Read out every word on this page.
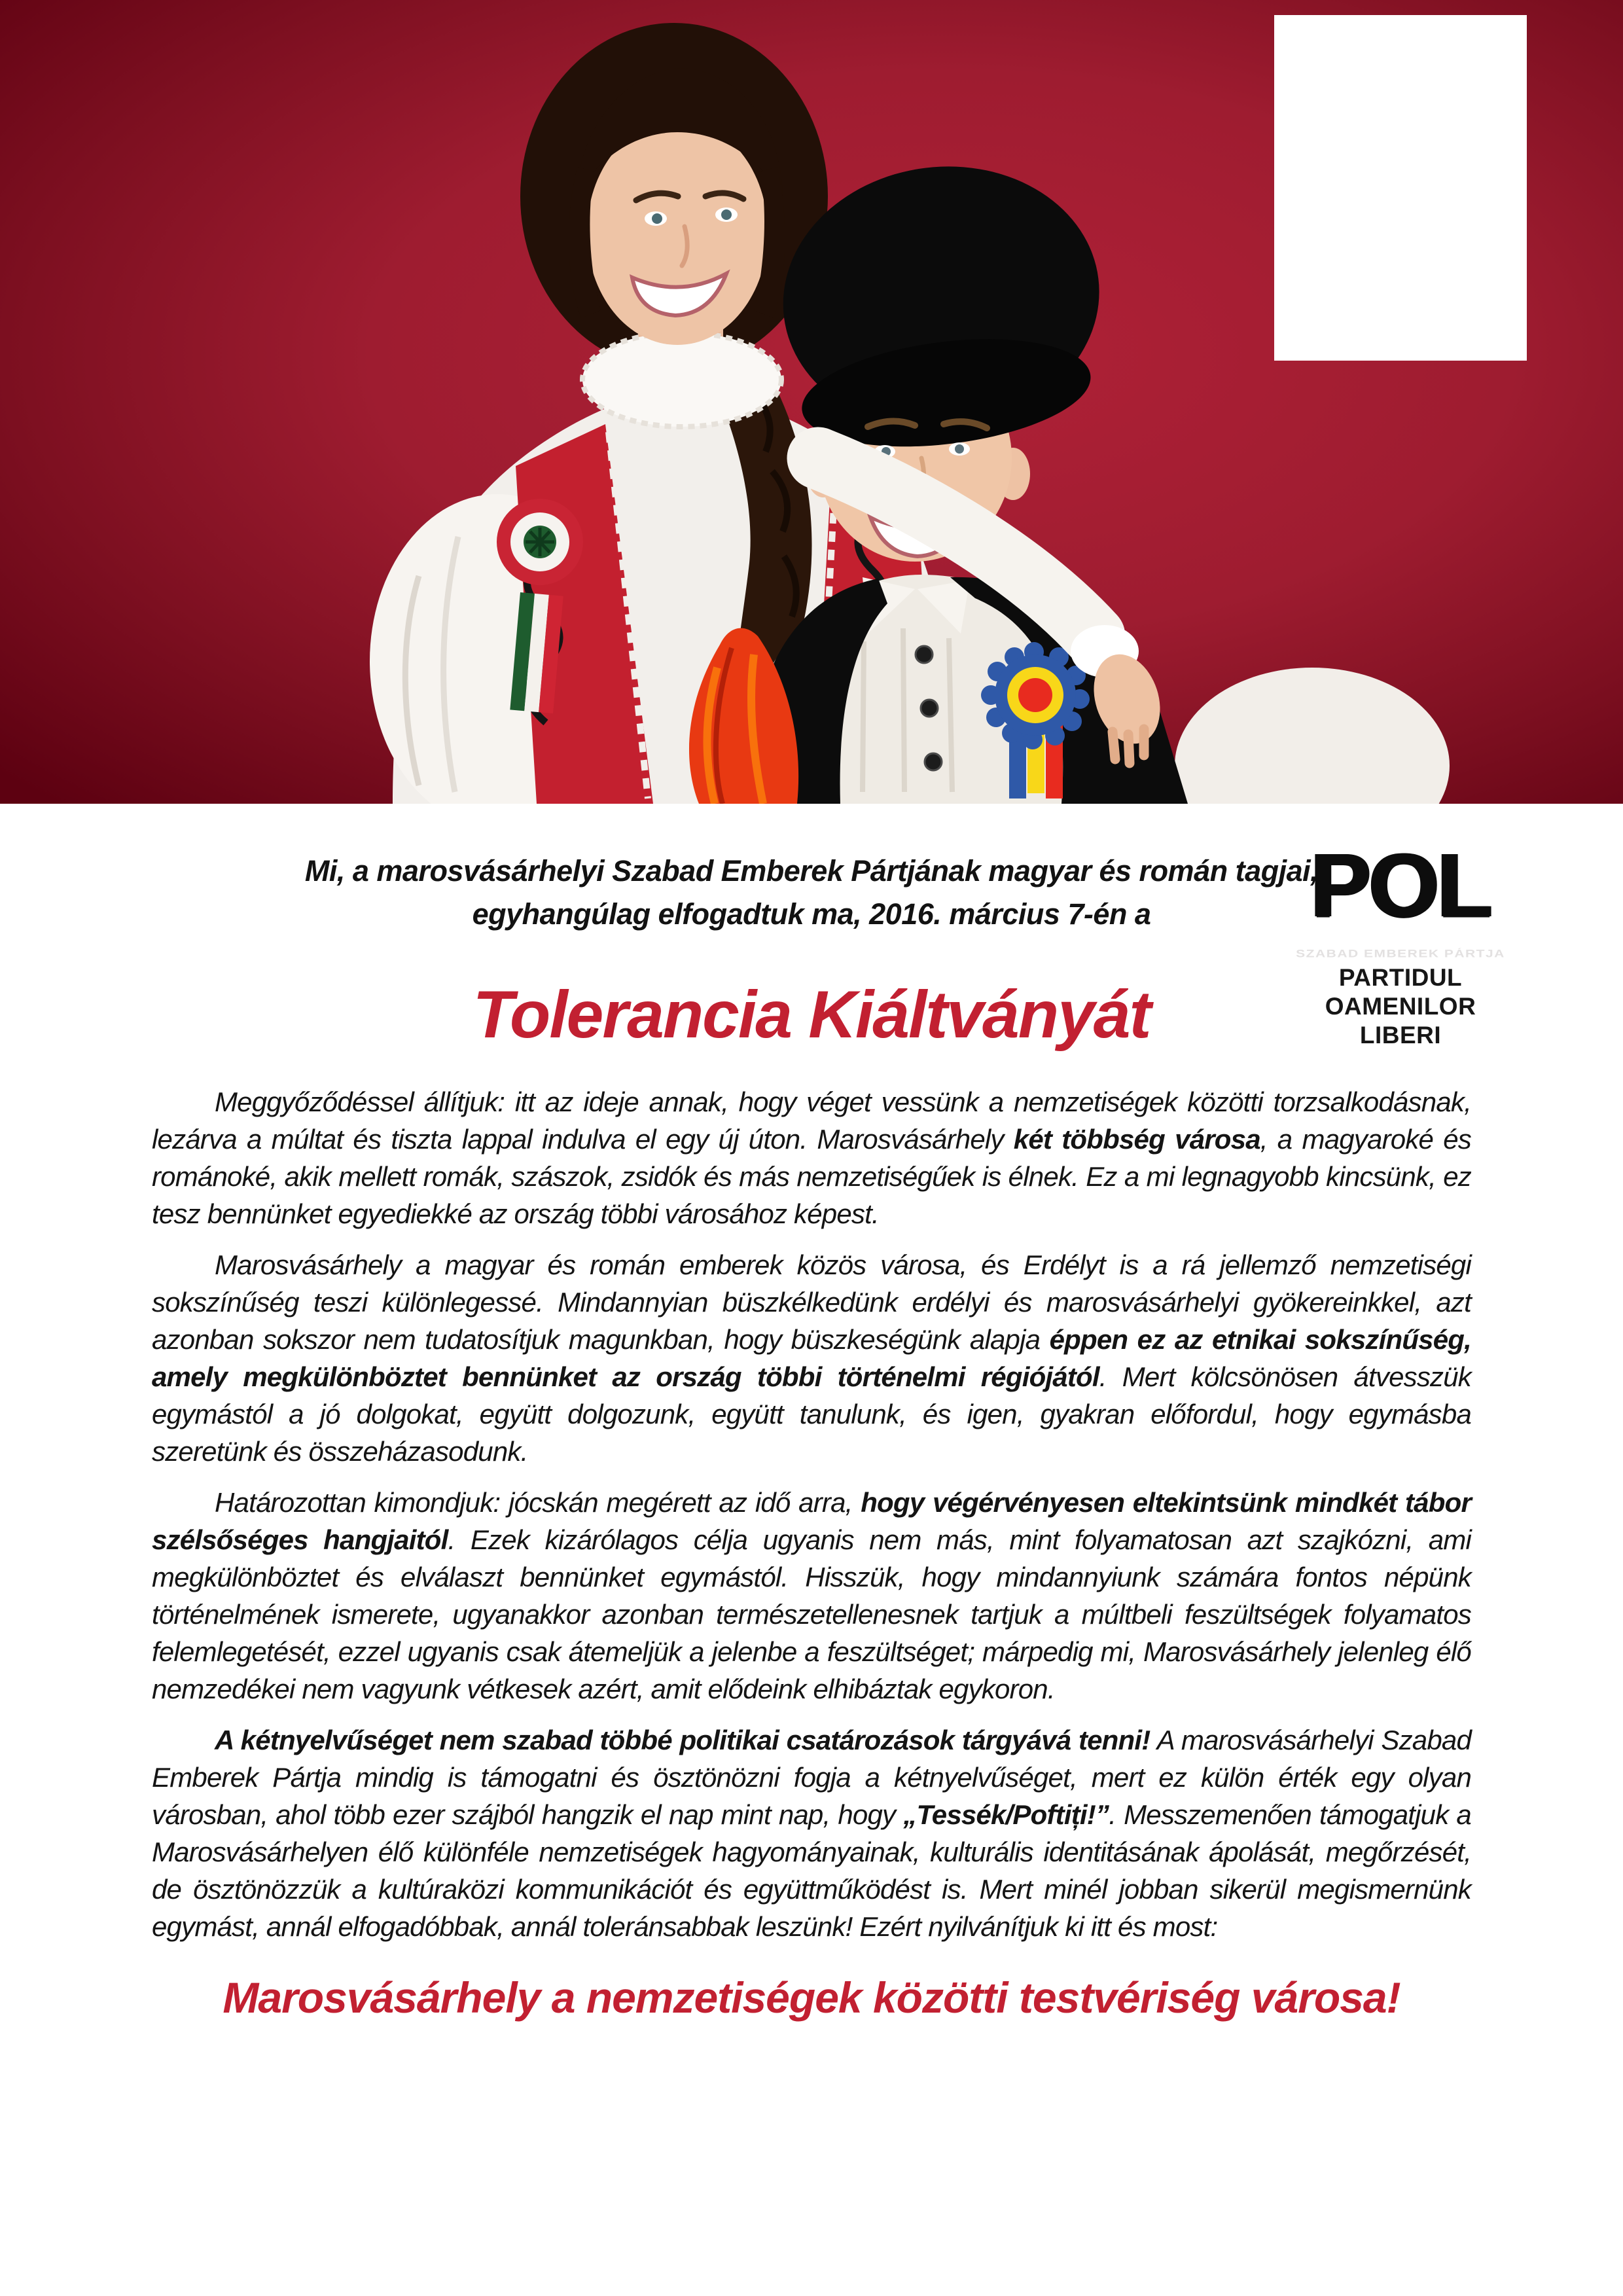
POL
SZABAD EMBEREK PÁRTJA
PARTIDUL
OAMENILOR
LIBERI
Mi, a marosvásárhelyi Szabad Emberek Pártjának magyar és román tagjai,
egyhangúlag elfogadtuk ma, 2016. március 7-én a
Tolerancia Kiáltványát

Meggyőződéssel állítjuk: itt az ideje annak, hogy véget vessünk a nemzetiségek közötti torzsalkodásnak, lezárva a múltat és tiszta lappal indulva el egy új úton. Marosvásárhely két többség városa, a magyaroké és románoké, akik mellett romák, szászok, zsidók és más nemzetiségűek is élnek. Ez a mi legnagyobb kincsünk, ez tesz bennünket egyediekké az ország többi városához képest.

Marosvásárhely a magyar és román emberek közös városa, és Erdélyt is a rá jellemző nemzetiségi sokszínűség teszi különlegessé. Mindannyian büszkélkedünk erdélyi és marosvásárhelyi gyökereinkkel, azt azonban sokszor nem tudatosítjuk magunkban, hogy büszkeségünk alapja éppen ez az etnikai sokszínűség, amely megkülönböztet bennünket az ország többi történelmi régiójától. Mert kölcsönösen átvesszük egymástól a jó dolgokat, együtt dolgozunk, együtt tanulunk, és igen, gyakran előfordul, hogy egymásba szeretünk és összeházasodunk.

Határozottan kimondjuk: jócskán megérett az idő arra, hogy végérvényesen eltekintsünk mindkét tábor szélsőséges hangjaitól. Ezek kizárólagos célja ugyanis nem más, mint folyamatosan azt szajkózni, ami megkülönböztet és elválaszt bennünket egymástól. Hisszük, hogy mindannyiunk számára fontos népünk történelmének ismerete, ugyanakkor azonban természetellenesnek tartjuk a múltbeli feszültségek folyamatos felemlegetését, ezzel ugyanis csak átemeljük a jelenbe a feszültséget; márpedig mi, Marosvásárhely jelenleg élő nemzedékei nem vagyunk vétkesek azért, amit elődeink elhibáztak egykoron.

A kétnyelvűséget nem szabad többé politikai csatározások tárgyává tenni! A marosvásárhelyi Szabad Emberek Pártja mindig is támogatni és ösztönözni fogja a kétnyelvűséget, mert ez külön érték egy olyan városban, ahol több ezer szájból hangzik el nap mint nap, hogy „Tessék/Poftiți!”. Messzemenően támogatjuk a Marosvásárhelyen élő különféle nemzetiségek hagyományainak, kulturális identitásának ápolását, megőrzését, de ösztönözzük a kultúraközi kommunikációt és együttműködést is. Mert minél jobban sikerül megismernünk egymást, annál elfogadóbbak, annál toleránsabbak leszünk! Ezért nyilvánítjuk ki itt és most:

Marosvásárhely a nemzetiségek közötti testvériség városa!
